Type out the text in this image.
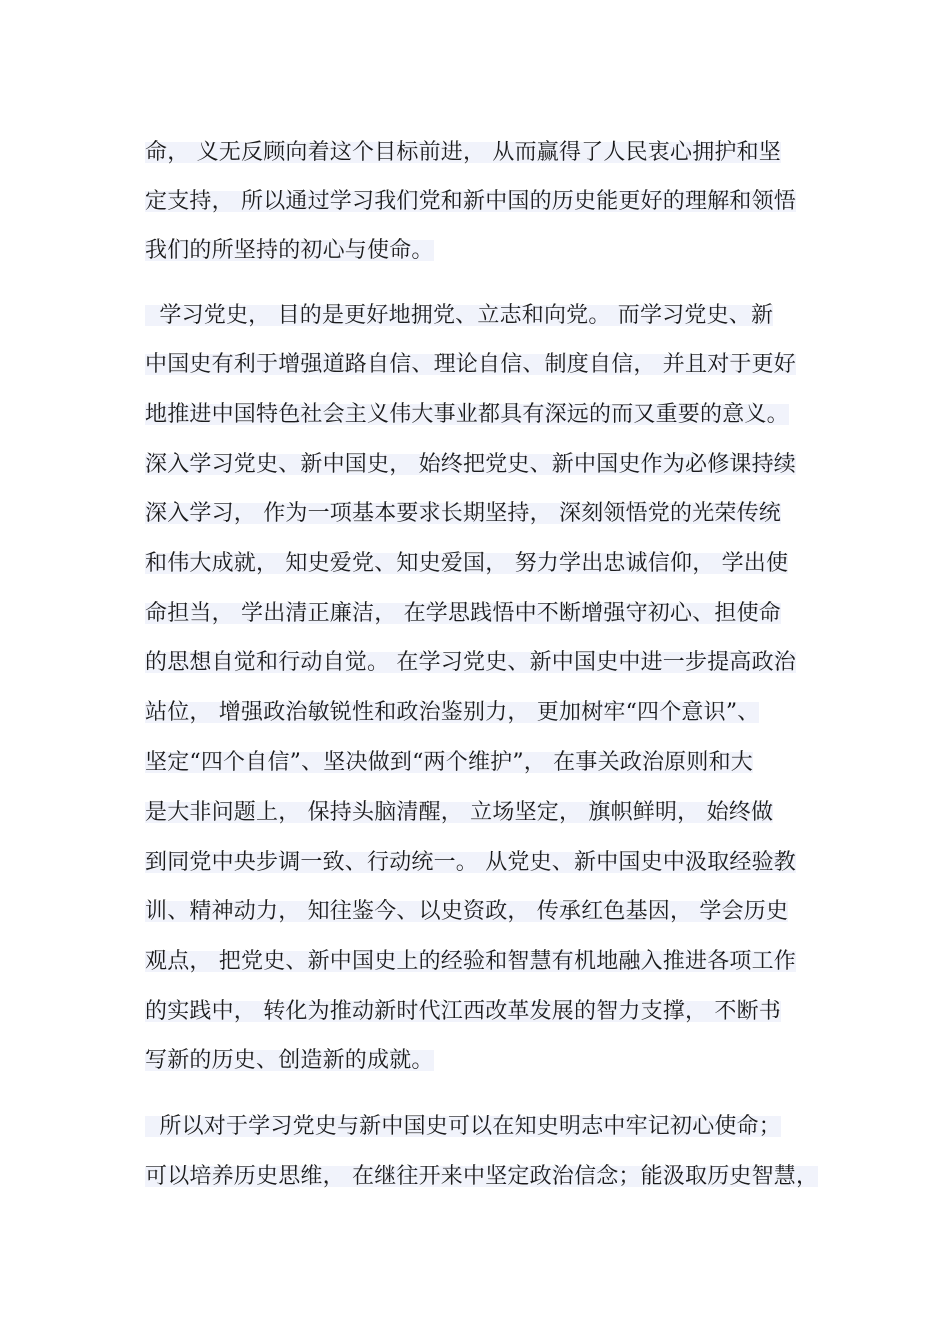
命， 义无反顾向着这个目标前进， 从而赢得了人民衷心拥护和坚
定支持， 所以通过学习我们党和新中国的历史能更好的理解和领悟
我们的所坚持的初心与使命。
学习党史， 目的是更好地拥党、立志和向党。 而学习党史、新
中国史有利于增强道路自信、理论自信、制度自信， 并且对于更好
地推进中国特色社会主义伟大事业都具有深远的而又重要的意义。
深入学习党史、新中国史， 始终把党史、新中国史作为必修课持续
深入学习， 作为一项基本要求长期坚持， 深刻领悟党的光荣传统
和伟大成就， 知史爱党、知史爱国， 努力学出忠诚信仰， 学出使
命担当， 学出清正廉洁， 在学思践悟中不断增强守初心、担使命
的思想自觉和行动自觉。 在学习党史、新中国史中进一步提高政治
站位， 增强政治敏锐性和政治鉴别力， 更加树牢“四个意识”、
坚定“四个自信”、坚决做到“两个维护”， 在事关政治原则和大
是大非问题上， 保持头脑清醒， 立场坚定， 旗帜鲜明， 始终做
到同党中央步调一致、行动统一。 从党史、新中国史中汲取经验教
训、精神动力， 知往鉴今、以史资政， 传承红色基因， 学会历史
观点， 把党史、新中国史上的经验和智慧有机地融入推进各项工作
的实践中， 转化为推动新时代江西改革发展的智力支撑， 不断书
写新的历史、创造新的成就。
所以对于学习党史与新中国史可以在知史明志中牢记初心使命；
可以培养历史思维， 在继往开来中坚定政治信念；能汲取历史智慧，
